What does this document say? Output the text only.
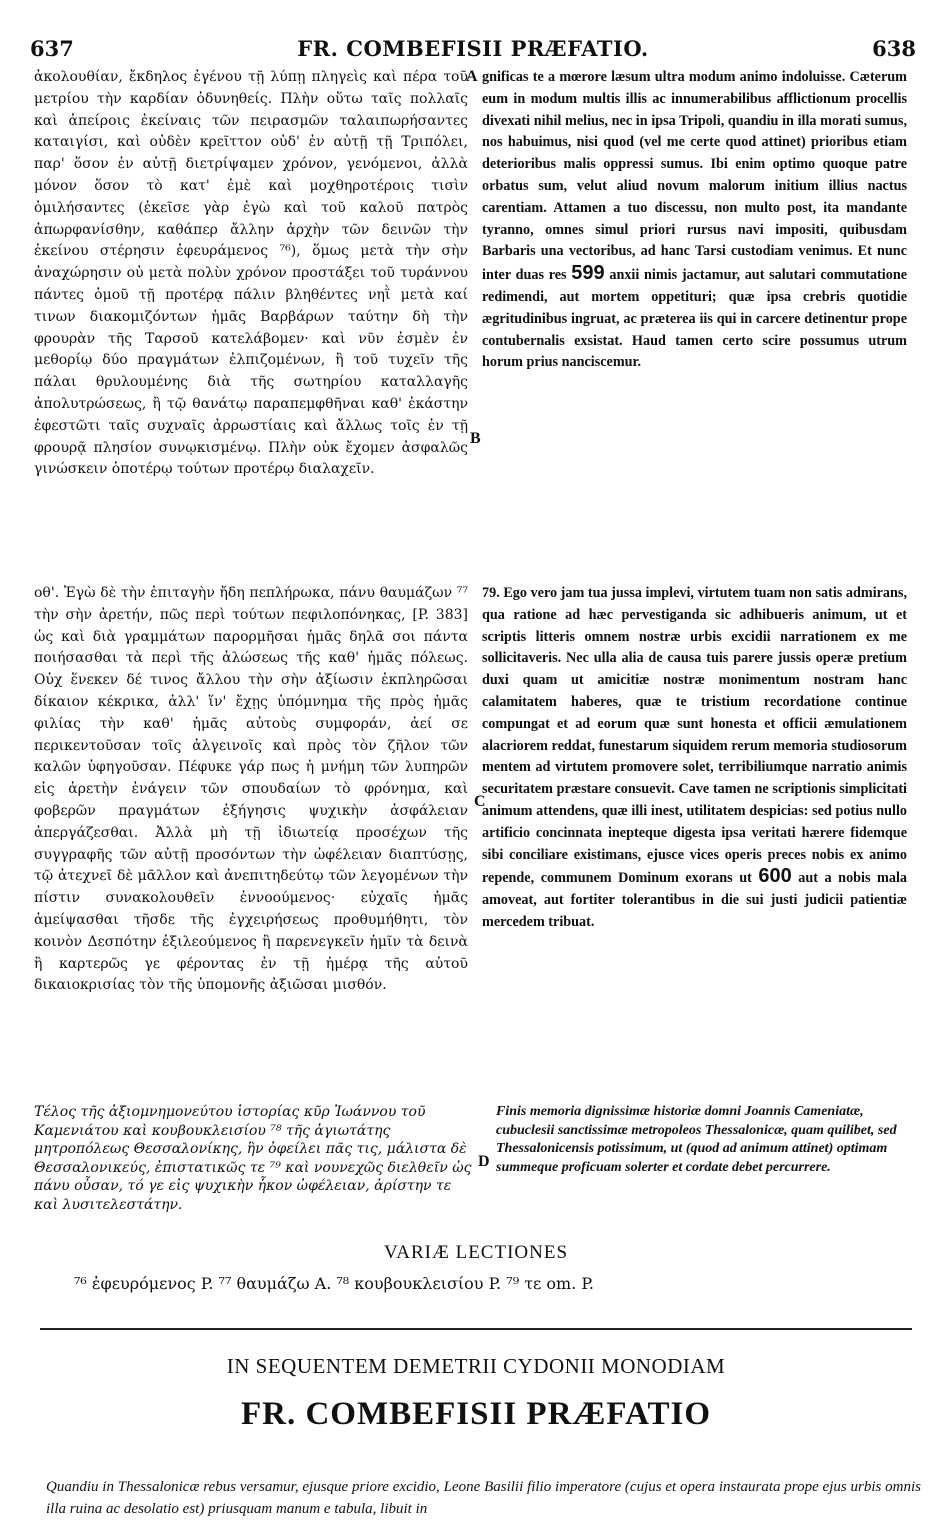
637	FR. COMBEFISII PRÆFATIO.	638

ἀκολουθίαν, ἔκδηλος ἐγένου τῇ λύπῃ πληγεὶς καὶ πέρα τοῦ μετρίου τὴν καρδίαν ὀδυνηθείς. Πλὴν οὕτω ταῖς πολλαῖς καὶ ἀπείροις ἐκείναις τῶν πειρασμῶν ταλαιπωρήσαντες καταιγίσι, καὶ οὐδὲν κρεῖττον οὐδ' ἐν αὐτῇ τῇ Τριπόλει, παρ' ὅσον ἐν αὐτῇ διετρίψαμεν χρόνον, γενόμενοι, ἀλλὰ μόνον ὅσον τὸ κατ' ἐμὲ καὶ μοχθηροτέροις τισὶν ὁμιλήσαντες (ἐκεῖσε γὰρ ἐγὼ καὶ τοῦ καλοῦ πατρὸς ἀπωρφανίσθην, καθάπερ ἄλλην ἀρχὴν τῶν δεινῶν τὴν ἐκείνου στέρησιν ἐφευράμενος ⁷⁶), ὅμως μετὰ τὴν σὴν ἀναχώρησιν οὐ μετὰ πολὺν χρόνον προστάξει τοῦ τυράννου πάντες ὁμοῦ τῇ προτέρᾳ πάλιν βληθέντες νηῒ μετὰ καί τινων διακομιζόντων ἡμᾶς Βαρβάρων ταύτην δὴ τὴν φρουρὰν τῆς Ταρσοῦ κατελάβομεν· καὶ νῦν ἐσμὲν ἐν μεθορίῳ δύο πραγμάτων ἐλπιζομένων, ἢ τοῦ τυχεῖν τῆς πάλαι θρυλουμένης διὰ τῆς σωτηρίου καταλλαγῆς ἀπολυτρώσεως, ἢ τῷ θανάτῳ παραπεμφθῆναι καθ' ἑκάστην ἐφεστῶτι ταῖς συχναῖς ἀρρωστίαις καὶ ἄλλως τοῖς ἐν τῇ φρουρᾷ πλησίον συνῳκισμένῳ. Πλὴν οὐκ ἔχομεν ἀσφαλῶς γινώσκειν ὁποτέρῳ τούτων προτέρῳ διαλαχεῖν.

οθ'. Ἐγὼ δὲ τὴν ἐπιταγὴν ἤδη πεπλήρωκα, πάνυ θαυμάζων ⁷⁷ τὴν σὴν ἀρετήν, πῶς περὶ τούτων πεφιλοπόνηκας, [P. 383] ὡς καὶ διὰ γραμμάτων παρορμῆσαι ἡμᾶς δηλᾶ σοι πάντα ποιήσασθαι τὰ περὶ τῆς ἁλώσεως τῆς καθ' ἡμᾶς πόλεως. Οὐχ ἕνεκεν δέ τινος ἄλλου τὴν σὴν ἀξίωσιν ἐκπληρῶσαι δίκαιον κέκρικα, ἀλλ' ἵν' ἔχῃς ὑπόμνημα τῆς πρὸς ἡμᾶς φιλίας τὴν καθ' ἡμᾶς αὐτοὺς συμφοράν, ἀεί σε περικεντοῦσαν τοῖς ἀλγεινοῖς καὶ πρὸς τὸν ζῆλον τῶν καλῶν ὑφηγοῦσαν. Πέφυκε γάρ πως ἡ μνήμη τῶν λυπηρῶν εἰς ἀρετὴν ἐνάγειν τῶν σπουδαίων τὸ φρόνημα, καὶ φοβερῶν πραγμάτων ἐξήγησις ψυχικὴν ἀσφάλειαν ἀπεργάζεσθαι. Ἀλλὰ μὴ τῇ ἰδιωτείᾳ προσέχων τῆς συγγραφῆς τῶν αὐτῇ προσόντων τὴν ὠφέλειαν διαπτύσῃς, τῷ ἀτεχνεῖ δὲ μᾶλλον καὶ ἀνεπιτηδεύτῳ τῶν λεγομένων τὴν πίστιν συνακολουθεῖν ἐννοούμενος· εὐχαῖς ἡμᾶς ἀμείψασθαι τῆσδε τῆς ἐγχειρήσεως προθυμήθητι, τὸν κοινὸν Δεσπότην ἐξιλεούμενος ἢ παρενεγκεῖν ἡμῖν τὰ δεινὰ ἢ καρτερῶς γε φέροντας ἐν τῇ ἡμέρᾳ τῆς αὐτοῦ δικαιοκρισίας τὸν τῆς ὑπομονῆς ἀξιῶσαι μισθόν.

A
B
C
D

gnificas te a mœrore læsum ultra modum animo indoluisse. Cæterum eum in modum multis illis ac innumerabilibus afflictionum procellis divexati nihil melius, nec in ipsa Tripoli, quandiu in illa morati sumus, nos habuimus, nisi quod (vel me certe quod attinet) prioribus etiam deterioribus malis oppressi sumus. Ibi enim optimo quoque patre orbatus sum, velut aliud novum malorum initium illius nactus carentiam. Attamen a tuo discessu, non multo post, ita mandante tyranno, omnes simul priori rursus navi impositi, quibusdam Barbaris una vectoribus, ad hanc Tarsi custodiam venimus. Et nunc inter duas res 599 anxii nimis jactamur, aut salutari commutatione redimendi, aut mortem oppetituri; quæ ipsa crebris quotidie ægritudinibus ingruat, ac præterea iis qui in carcere detinentur prope contubernalis exsistat. Haud tamen certo scire possumus utrum horum prius nanciscemur.

79. Ego vero jam tua jussa implevi, virtutem tuam non satis admirans, qua ratione ad hæc pervestiganda sic adhibueris animum, ut et scriptis litteris omnem nostræ urbis excidii narrationem ex me sollicitaveris. Nec ulla alia de causa tuis parere jussis operæ pretium duxi quam ut amicitiæ nostræ monimentum nostram hanc calamitatem haberes, quæ te tristium recordatione continue compungat et ad eorum quæ sunt honesta et officii æmulationem alacriorem reddat, funestarum siquidem rerum memoria studiosorum mentem ad virtutem promovere solet, terribiliumque narratio animis securitatem præstare consuevit. Cave tamen ne scriptionis simplicitati animum attendens, quæ illi inest, utilitatem despicias: sed potius nullo artificio concinnata inepteque digesta ipsa veritati hærere fidemque sibi conciliare existimans, ejusce vices operis preces nobis ex animo repende, communem Dominum exorans ut 600 aut a nobis mala amoveat, aut fortiter tolerantibus in die sui justi judicii patientiæ mercedem tribuat.

Τέλος τῆς ἀξιομνημονεύτου ἱστορίας κῦρ Ἰωάννου τοῦ Καμενιάτου καὶ κουβουκλεισίου ⁷⁸ τῆς ἁγιωτάτης μητροπόλεως Θεσσαλονίκης, ἣν ὀφείλει πᾶς τις, μάλιστα δὲ Θεσσαλονικεύς, ἐπιστατικῶς τε ⁷⁹ καὶ νουνεχῶς διελθεῖν ὡς πάνυ οὖσαν, τό γε εἰς ψυχικὴν ἧκον ὠφέλειαν, ἀρίστην τε καὶ λυσιτελεστάτην.

Finis memoria dignissimæ historiæ domni Joannis Cameniatæ, cubuclesii sanctissimæ metropoleos Thessalonicæ, quam quilibet, sed Thessalonicensis potissimum, ut (quod ad animum attinet) optimam summeque proficuam solerter et cordate debet percurrere.

VARIÆ LECTIONES
⁷⁶ ἐφευρόμενος P. ⁷⁷ θαυμάζω A. ⁷⁸ κουβουκλεισίου P. ⁷⁹ τε om. P.
IN SEQUENTEM DEMETRII CYDONII MONODIAM
FR. COMBEFISII PRÆFATIO
Quandiu in Thessalonicæ rebus versamur, ejusque priore excidio, Leone Basilii filio imperatore (cujus et opera instaurata prope ejus urbis omnis illa ruina ac desolatio est) priusquam manum e tabula, libuit in
